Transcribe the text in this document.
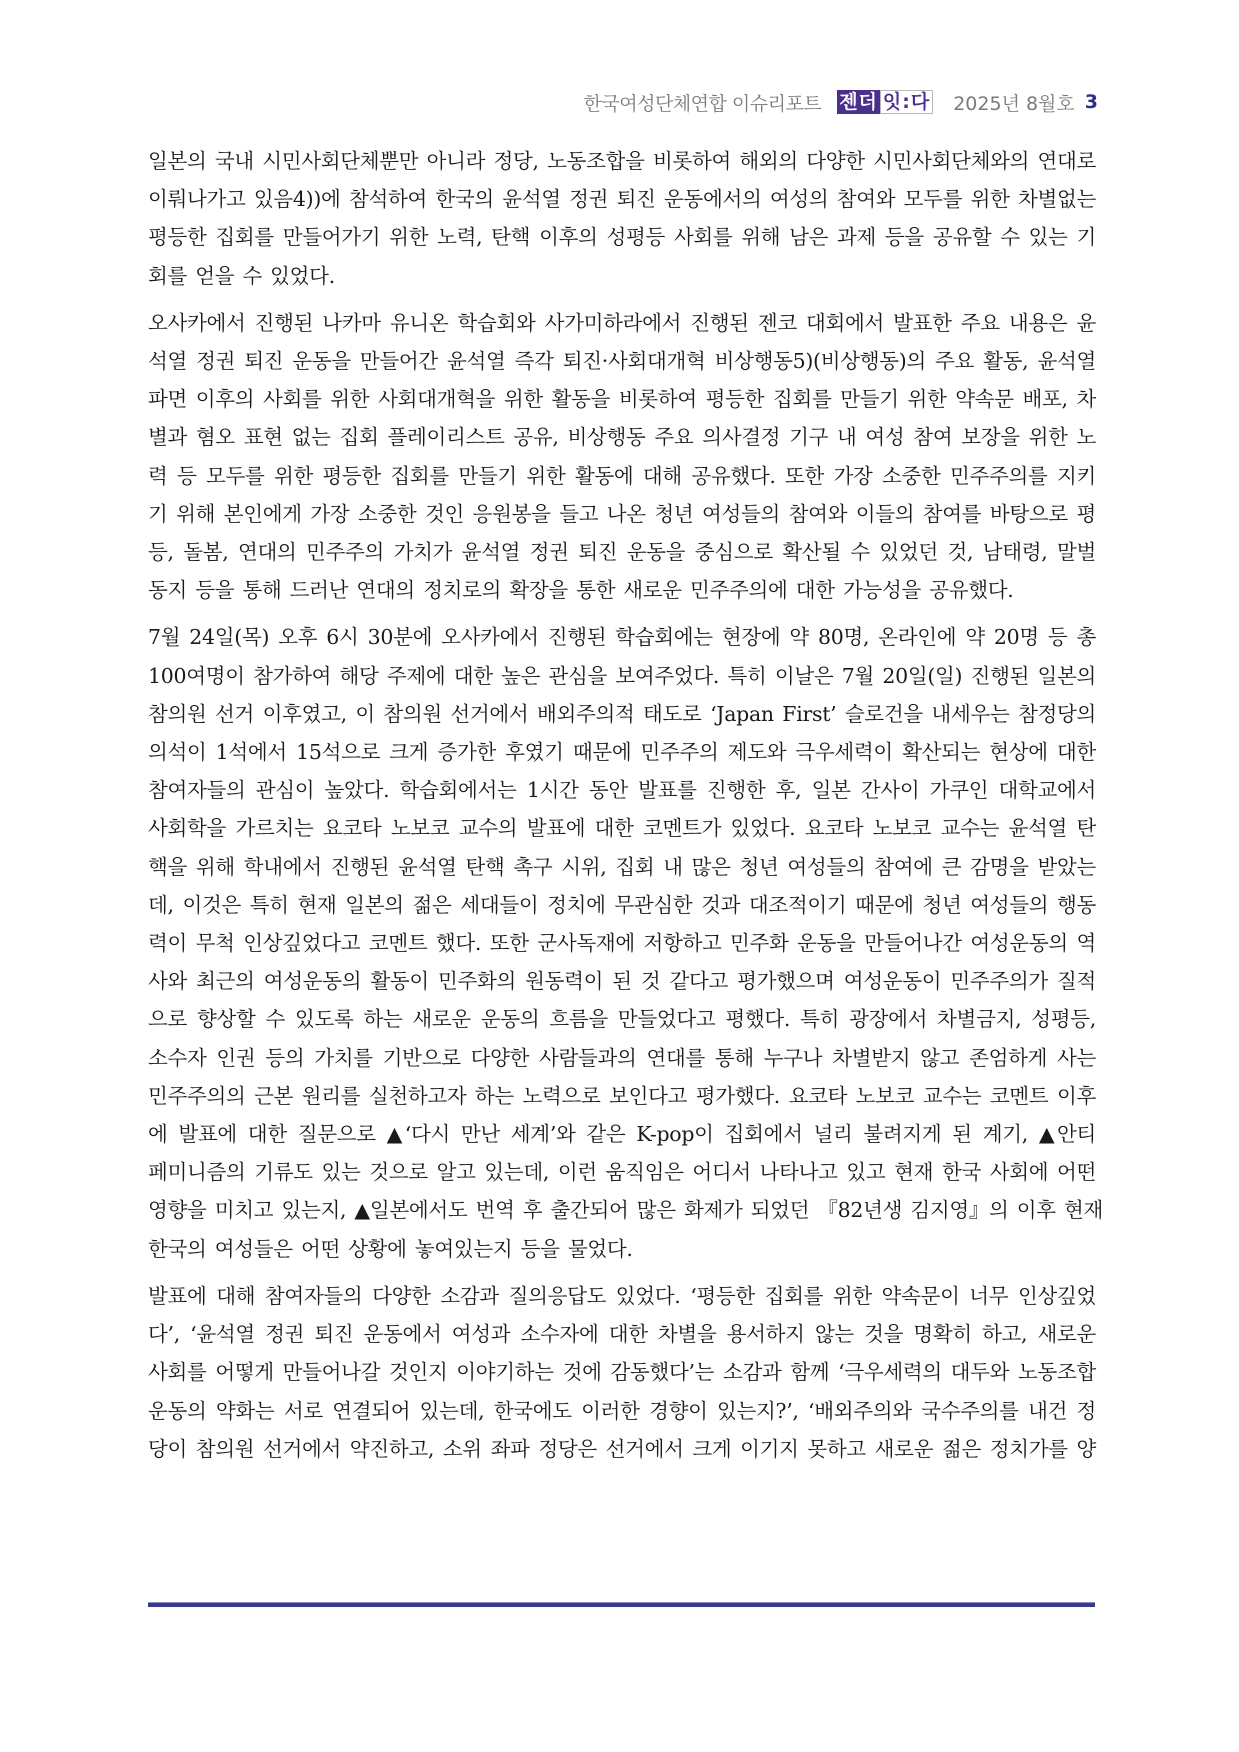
한국여성단체연합 이슈리포트 젠더 잇:다 2025년 8월호 3

일본의 국내 시민사회단체뿐만 아니라 정당, 노동조합을 비롯하여 해외의 다양한 시민사회단체와의 연대로
이뤄나가고 있음4))에 참석하여 한국의 윤석열 정권 퇴진 운동에서의 여성의 참여와 모두를 위한 차별없는
평등한 집회를 만들어가기 위한 노력, 탄핵 이후의 성평등 사회를 위해 남은 과제 등을 공유할 수 있는 기
회를 얻을 수 있었다.

오사카에서 진행된 나카마 유니온 학습회와 사가미하라에서 진행된 젠코 대회에서 발표한 주요 내용은 윤
석열 정권 퇴진 운동을 만들어간 윤석열 즉각 퇴진·사회대개혁 비상행동5)(비상행동)의 주요 활동, 윤석열
파면 이후의 사회를 위한 사회대개혁을 위한 활동을 비롯하여 평등한 집회를 만들기 위한 약속문 배포, 차
별과 혐오 표현 없는 집회 플레이리스트 공유, 비상행동 주요 의사결정 기구 내 여성 참여 보장을 위한 노
력 등 모두를 위한 평등한 집회를 만들기 위한 활동에 대해 공유했다. 또한 가장 소중한 민주주의를 지키
기 위해 본인에게 가장 소중한 것인 응원봉을 들고 나온 청년 여성들의 참여와 이들의 참여를 바탕으로 평
등, 돌봄, 연대의 민주주의 가치가 윤석열 정권 퇴진 운동을 중심으로 확산될 수 있었던 것, 남태령, 말벌
동지 등을 통해 드러난 연대의 정치로의 확장을 통한 새로운 민주주의에 대한 가능성을 공유했다.

7월 24일(목) 오후 6시 30분에 오사카에서 진행된 학습회에는 현장에 약 80명, 온라인에 약 20명 등 총
100여명이 참가하여 해당 주제에 대한 높은 관심을 보여주었다. 특히 이날은 7월 20일(일) 진행된 일본의
참의원 선거 이후였고, 이 참의원 선거에서 배외주의적 태도로 ‘Japan First’ 슬로건을 내세우는 참정당의
의석이 1석에서 15석으로 크게 증가한 후였기 때문에 민주주의 제도와 극우세력이 확산되는 현상에 대한
참여자들의 관심이 높았다. 학습회에서는 1시간 동안 발표를 진행한 후, 일본 간사이 가쿠인 대학교에서
사회학을 가르치는 요코타 노보코 교수의 발표에 대한 코멘트가 있었다. 요코타 노보코 교수는 윤석열 탄
핵을 위해 학내에서 진행된 윤석열 탄핵 촉구 시위, 집회 내 많은 청년 여성들의 참여에 큰 감명을 받았는
데, 이것은 특히 현재 일본의 젊은 세대들이 정치에 무관심한 것과 대조적이기 때문에 청년 여성들의 행동
력이 무척 인상깊었다고 코멘트 했다. 또한 군사독재에 저항하고 민주화 운동을 만들어나간 여성운동의 역
사와 최근의 여성운동의 활동이 민주화의 원동력이 된 것 같다고 평가했으며 여성운동이 민주주의가 질적
으로 향상할 수 있도록 하는 새로운 운동의 흐름을 만들었다고 평했다. 특히 광장에서 차별금지, 성평등,
소수자 인권 등의 가치를 기반으로 다양한 사람들과의 연대를 통해 누구나 차별받지 않고 존엄하게 사는
민주주의의 근본 원리를 실천하고자 하는 노력으로 보인다고 평가했다. 요코타 노보코 교수는 코멘트 이후
에 발표에 대한 질문으로 ▲‘다시 만난 세계’와 같은 K-pop이 집회에서 널리 불려지게 된 계기, ▲안티
페미니즘의 기류도 있는 것으로 알고 있는데, 이런 움직임은 어디서 나타나고 있고 현재 한국 사회에 어떤
영향을 미치고 있는지, ▲일본에서도 번역 후 출간되어 많은 화제가 되었던 『82년생 김지영』의 이후 현재
한국의 여성들은 어떤 상황에 놓여있는지 등을 물었다.

발표에 대해 참여자들의 다양한 소감과 질의응답도 있었다. ‘평등한 집회를 위한 약속문이 너무 인상깊었
다’, ‘윤석열 정권 퇴진 운동에서 여성과 소수자에 대한 차별을 용서하지 않는 것을 명확히 하고, 새로운
사회를 어떻게 만들어나갈 것인지 이야기하는 것에 감동했다’는 소감과 함께 ‘극우세력의 대두와 노동조합
운동의 약화는 서로 연결되어 있는데, 한국에도 이러한 경향이 있는지?’, ‘배외주의와 국수주의를 내건 정
당이 참의원 선거에서 약진하고, 소위 좌파 정당은 선거에서 크게 이기지 못하고 새로운 젊은 정치가를 양
